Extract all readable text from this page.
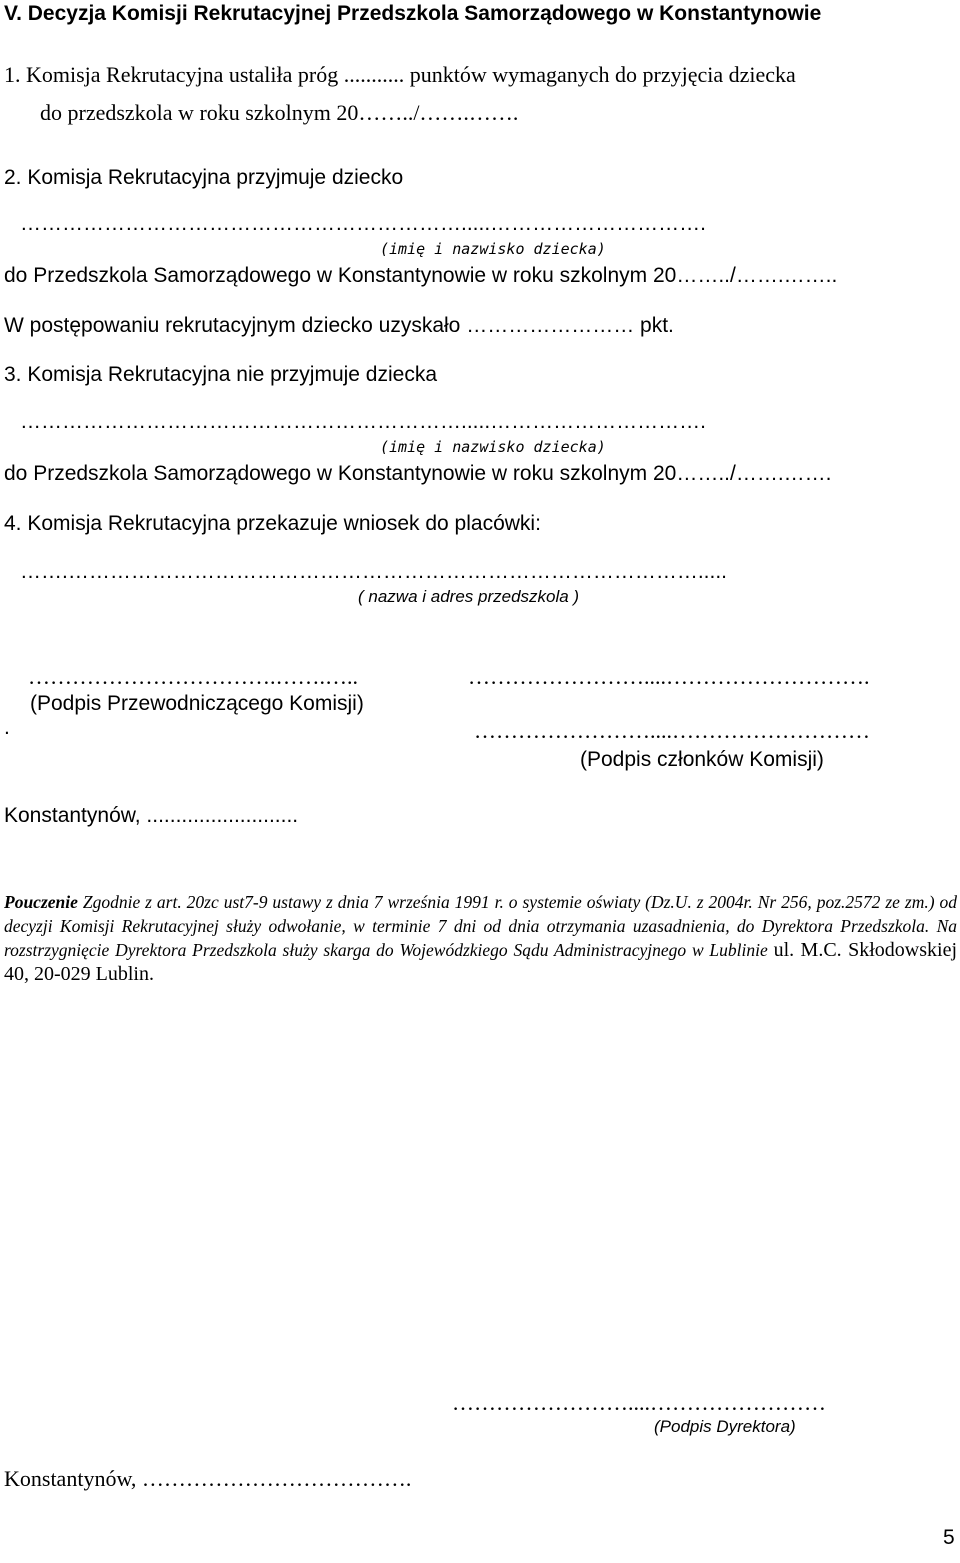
V. Decyzja Komisji Rekrutacyjnej Przedszkola Samorządowego w Konstantynowie
1. Komisja Rekrutacyjna ustaliła próg ........... punktów wymaganych do przyjęcia dziecka
do przedszkola w roku szkolnym 20……../…….…….
2. Komisja Rekrutacyjna przyjmuje dziecko
……………………………………………………….....………………………….
(imię i nazwisko dziecka)
do Przedszkola Samorządowego w Konstantynowie w roku szkolnym 20……../…….……..
W postępowaniu rekrutacyjnym dziecko uzyskało …………………… pkt.
3. Komisja Rekrutacyjna nie przyjmuje dziecka
……………………………………………………….....………………………….
(imię i nazwisko dziecka)
do Przedszkola Samorządowego w Konstantynowie w roku szkolnym 20……../…….…….
4. Komisja Rekrutacyjna przekazuje wniosek do placówki:
…….……………………………………………………………………………….....
( nazwa i adres przedszkola )
…………………………….…….…..	……………………....……………………….
(Podpis Przewodniczącego Komisji)
.	……………………....………………………
(Podpis członków Komisji)
Konstantynów, ..........................
Pouczenie Zgodnie z art. 20zc ust7-9 ustawy z dnia 7 września 1991 r. o systemie oświaty (Dz.U. z 2004r. Nr 256, poz.2572 ze zm.) od decyzji Komisji Rekrutacyjnej służy odwołanie, w terminie 7 dni od dnia otrzymania uzasadnienia, do Dyrektora Przedszkola. Na rozstrzygnięcie Dyrektora Przedszkola służy skarga do Wojewódzkiego Sądu Administracyjnego w Lublinie ul. M.C. Skłodowskiej 40, 20-029 Lublin.
……………………....……………………
(Podpis Dyrektora)
Konstantynów, ……………………………….
5
